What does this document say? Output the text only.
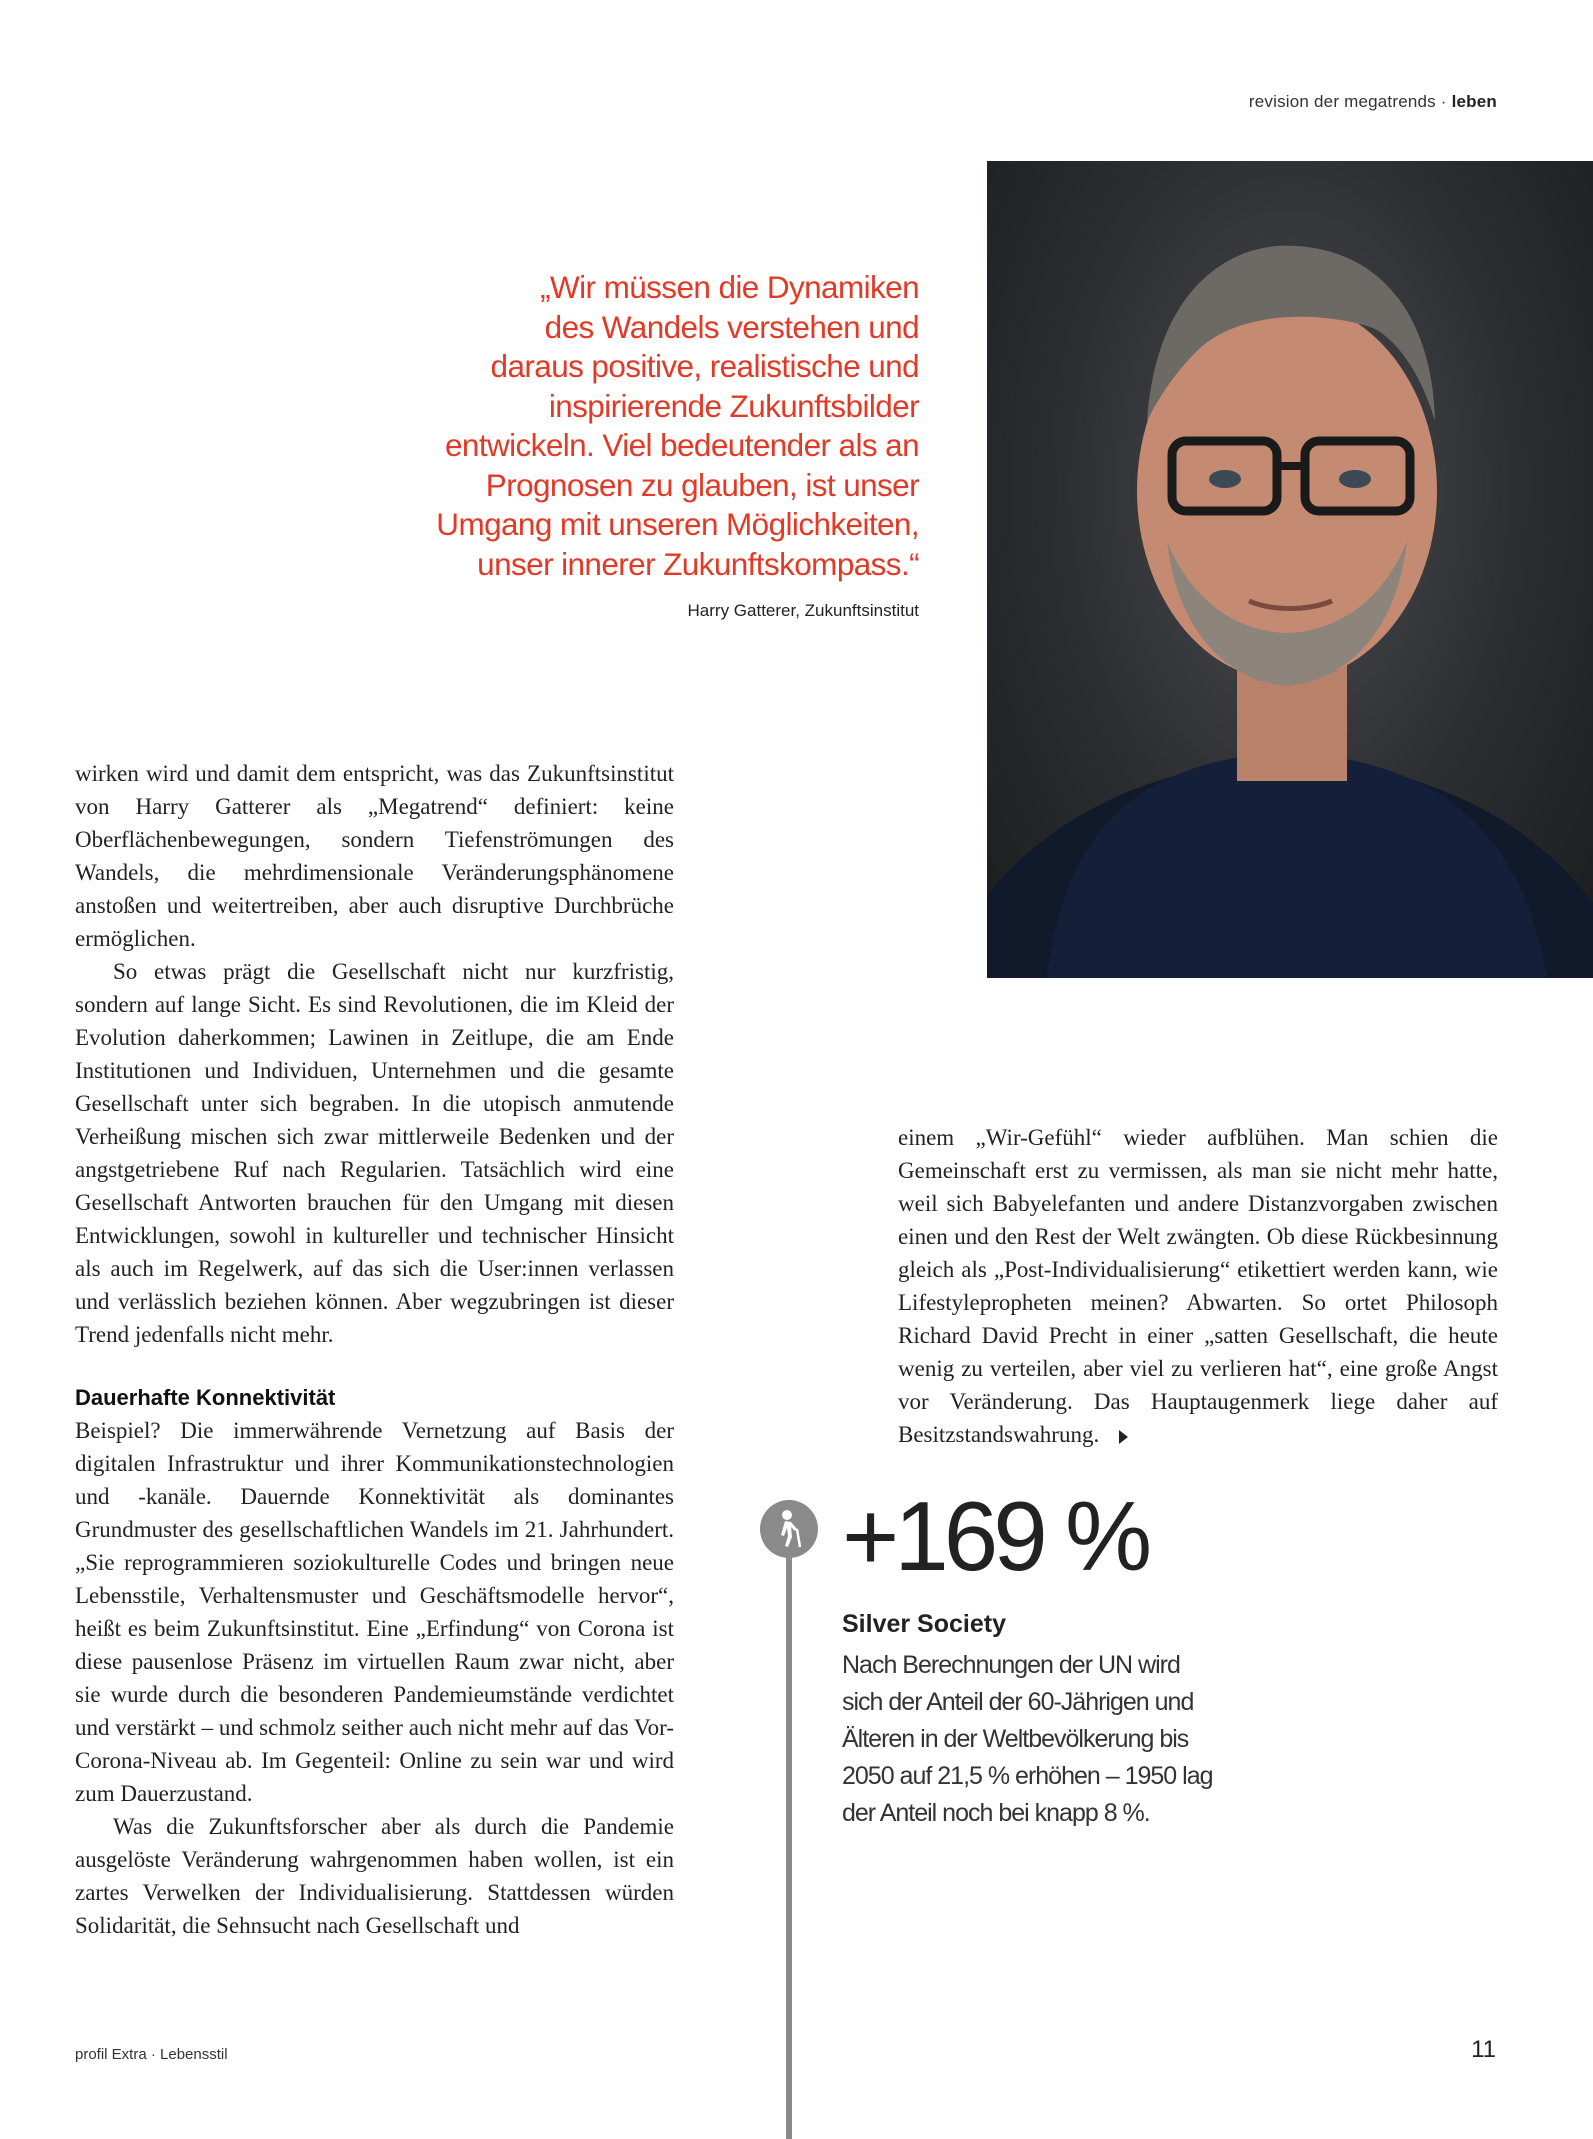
revision der megatrends · leben
„Wir müssen die Dynamiken
des Wandels verstehen und
daraus positive, realistische und
inspirierende Zukunftsbilder
entwickeln. Viel bedeutender als an
Prognosen zu glauben, ist unser
Umgang mit unseren Möglichkeiten,
unser innerer Zukunftskompass.“
Harry Gatterer, Zukunftsinstitut

wirken wird und damit dem entspricht, was das Zukunftsinstitut von Harry Gatterer als „Megatrend“ definiert: keine Oberflächenbewegungen, sondern Tiefenströmungen des Wandels, die mehrdimensionale Veränderungsphänomene anstoßen und weitertreiben, aber auch disruptive Durchbrüche ermöglichen.

So etwas prägt die Gesellschaft nicht nur kurzfristig, sondern auf lange Sicht. Es sind Revolutionen, die im Kleid der Evolution daherkommen; Lawinen in Zeitlupe, die am Ende Institutionen und Individuen, Unternehmen und die gesamte Gesellschaft unter sich begraben. In die utopisch anmutende Verheißung mischen sich zwar mittlerweile Bedenken und der angstgetriebene Ruf nach Regularien. Tatsächlich wird eine Gesellschaft Antworten brauchen für den Umgang mit diesen Entwicklungen, sowohl in kultureller und technischer Hinsicht als auch im Regelwerk, auf das sich die User:innen verlassen und verlässlich beziehen können. Aber wegzubringen ist dieser Trend jedenfalls nicht mehr.

Dauerhafte Konnektivität

Beispiel? Die immerwährende Vernetzung auf Basis der digitalen Infrastruktur und ihrer Kommunikationstechnologien und -kanäle. Dauernde Konnektivität als dominantes Grundmuster des gesellschaftlichen Wandels im 21. Jahrhundert. „Sie reprogrammieren soziokulturelle Codes und bringen neue Lebensstile, Verhaltensmuster und Geschäftsmodelle hervor“, heißt es beim Zukunftsinstitut. Eine „Erfindung“ von Corona ist diese pausenlose Präsenz im virtuellen Raum zwar nicht, aber sie wurde durch die besonderen Pandemieumstände verdichtet und verstärkt – und schmolz seither auch nicht mehr auf das Vor-Corona-Niveau ab. Im Gegenteil: Online zu sein war und wird zum Dauerzustand.

Was die Zukunftsforscher aber als durch die Pandemie ausgelöste Veränderung wahrgenommen haben wollen, ist ein zartes Verwelken der Individualisierung. Stattdessen würden Solidarität, die Sehnsucht nach Gesellschaft und

einem „Wir-Gefühl“ wieder aufblühen. Man schien die Gemeinschaft erst zu vermissen, als man sie nicht mehr hatte, weil sich Babyelefanten und andere Distanzvorgaben zwischen einen und den Rest der Welt zwängten. Ob diese Rückbesinnung gleich als „Post-Individualisierung“ etikettiert werden kann, wie Lifestylepropheten meinen? Abwarten. So ortet Philosoph Richard David Precht in einer „satten Gesellschaft, die heute wenig zu verteilen, aber viel zu verlieren hat“, eine große Angst vor Veränderung. Das Hauptaugenmerk liege daher auf Besitzstandswahrung.

+169 %
Silver Society
Nach Berechnungen der UN wird
sich der Anteil der 60-Jährigen und
Älteren in der Weltbevölkerung bis
2050 auf 21,5 % erhöhen – 1950 lag
der Anteil noch bei knapp 8 %.
profil Extra · Lebensstil	11
